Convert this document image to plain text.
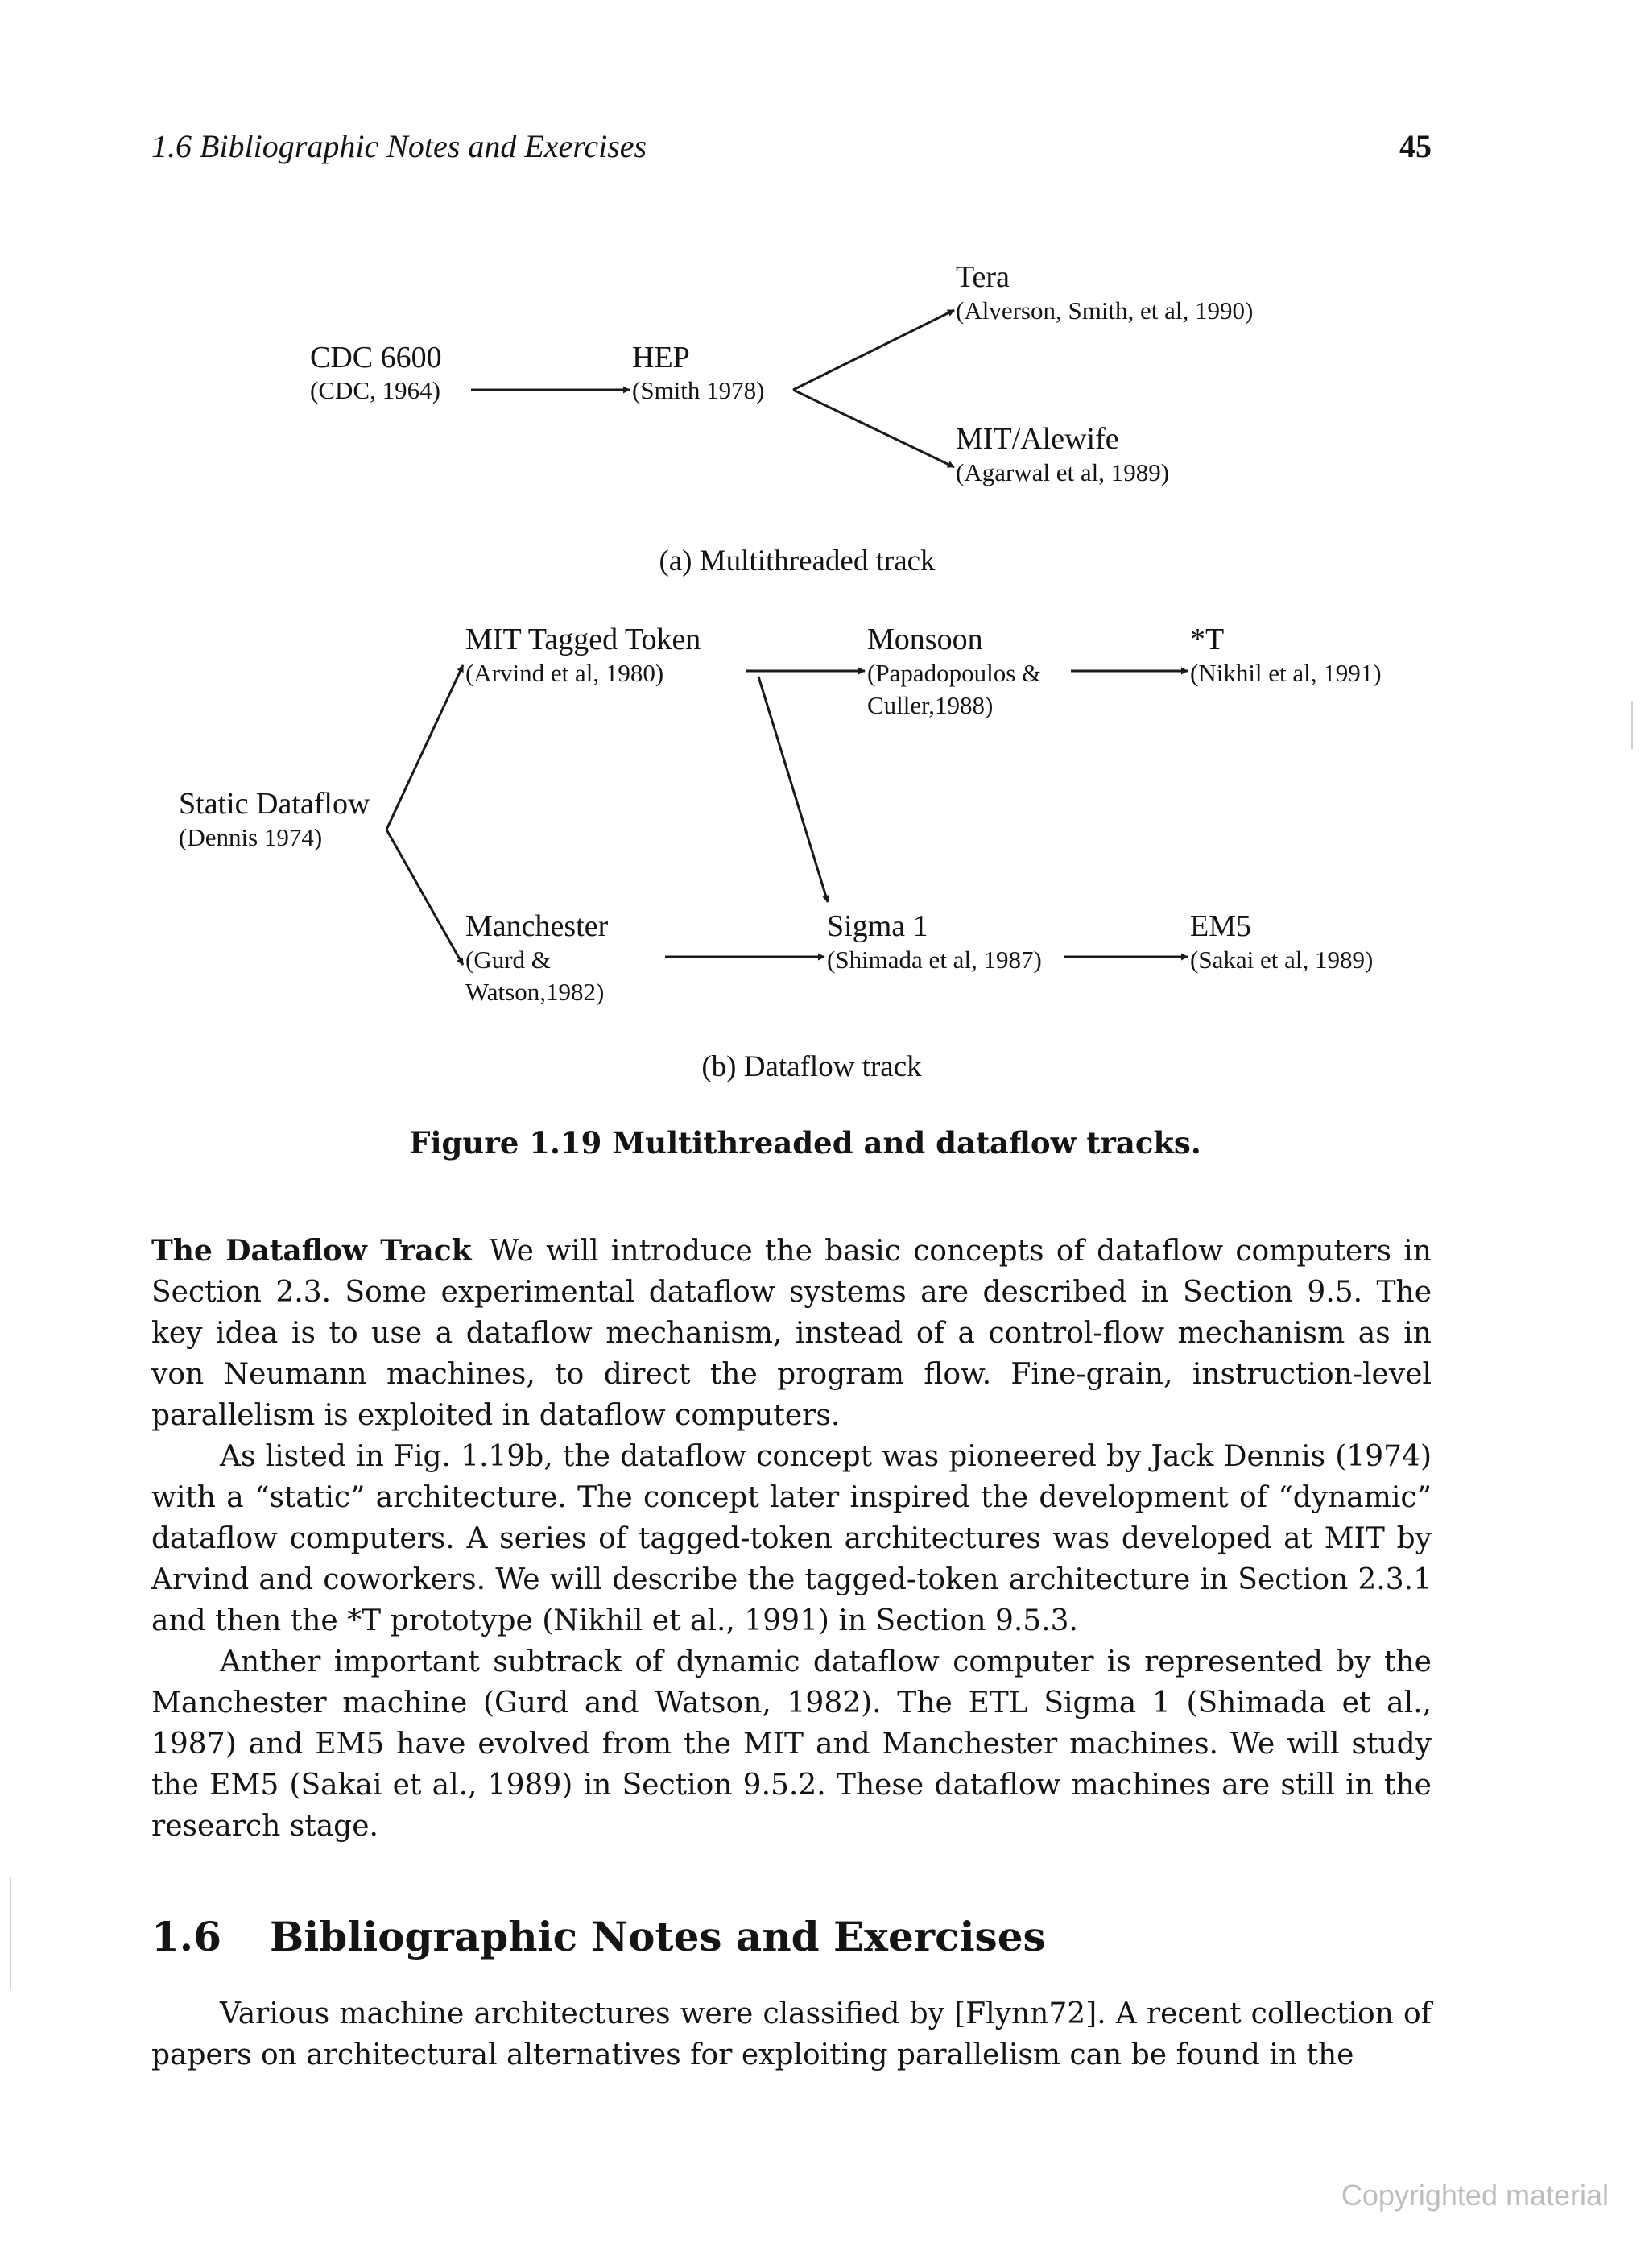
1.6 Bibliographic Notes and Exercises	45
CDC 6600
(CDC, 1964)
HEP
(Smith 1978)
Tera
(Alverson, Smith, et al, 1990)
MIT/Alewife
(Agarwal et al, 1989)
(a) Multithreaded track
Static Dataflow
(Dennis 1974)
MIT Tagged Token
(Arvind et al, 1980)
Monsoon
(Papadopoulos &
Culler,1988)
*T
(Nikhil et al, 1991)
Manchester
(Gurd &
Watson,1982)
Sigma 1
(Shimada et al, 1987)
EM5
(Sakai et al, 1989)
(b) Dataflow track
Figure 1.19 Multithreaded and dataflow tracks.

The Dataflow Track We will introduce the basic concepts of dataflow computers in Section 2.3. Some experimental dataflow systems are described in Section 9.5. The key idea is to use a dataflow mechanism, instead of a control-flow mechanism as in von Neumann machines, to direct the program flow. Fine-grain, instruction-level parallelism is exploited in dataflow computers.

As listed in Fig. 1.19b, the dataflow concept was pioneered by Jack Dennis (1974) with a “static” architecture. The concept later inspired the development of “dynamic” dataflow computers. A series of tagged-token architectures was developed at MIT by Arvind and coworkers. We will describe the tagged-token architecture in Section 2.3.1 and then the *T prototype (Nikhil et al., 1991) in Section 9.5.3.

Anther important subtrack of dynamic dataflow computer is represented by the Manchester machine (Gurd and Watson, 1982). The ETL Sigma 1 (Shimada et al., 1987) and EM5 have evolved from the MIT and Manchester machines. We will study the EM5 (Sakai et al., 1989) in Section 9.5.2. These dataflow machines are still in the research stage.

1.6 Bibliographic Notes and Exercises

Various machine architectures were classified by [Flynn72]. A recent collection of papers on architectural alternatives for exploiting parallelism can be found in the

Copyrighted material
